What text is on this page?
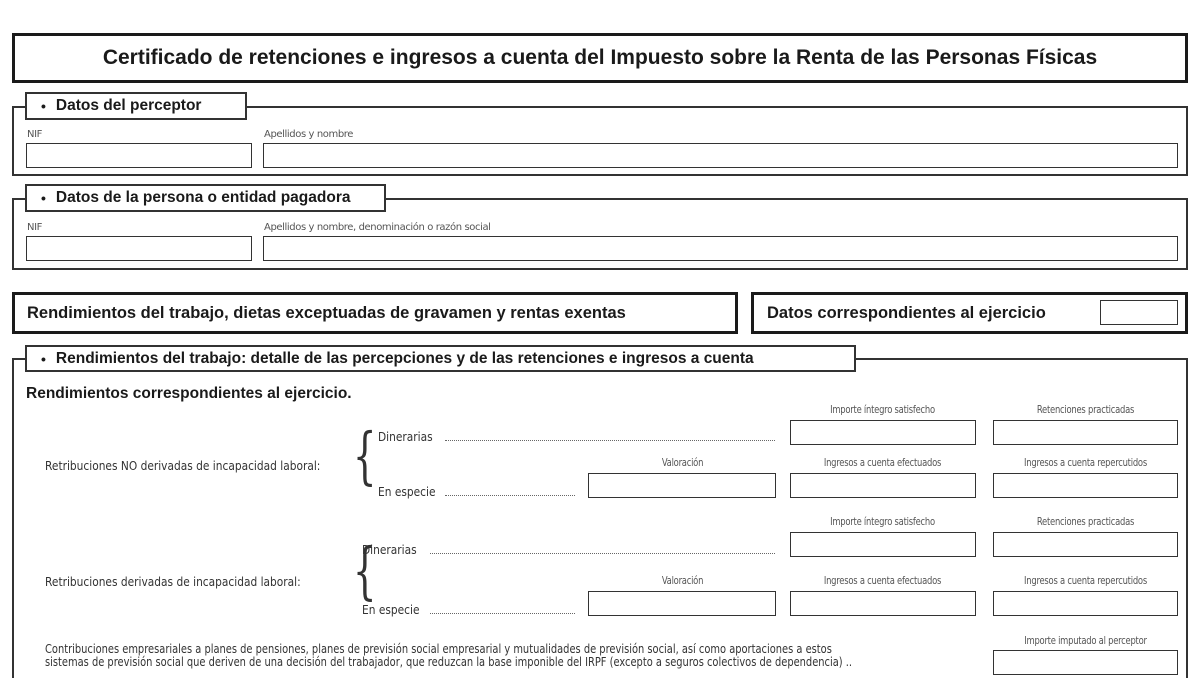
Certificado de retenciones e ingresos a cuenta del Impuesto sobre la Renta de las Personas Físicas
• Datos del perceptor
NIF	Apellidos y nombre
• Datos de la persona o entidad pagadora
NIF	Apellidos y nombre, denominación o razón social
Rendimientos del trabajo, dietas exceptuadas de gravamen y rentas exentas	Datos correspondientes al ejercicio
• Rendimientos del trabajo: detalle de las percepciones y de las retenciones e ingresos a cuenta
Rendimientos correspondientes al ejercicio.
Importe íntegro satisfecho	Retenciones practicadas
Retribuciones NO derivadas de incapacidad laboral: { Dinerarias
Valoración	Ingresos a cuenta efectuados	Ingresos a cuenta repercutidos
En especie
Importe íntegro satisfecho	Retenciones practicadas
Retribuciones derivadas de incapacidad laboral: {
Dinerarias
Valoración	Ingresos a cuenta efectuados	Ingresos a cuenta repercutidos
En especie
Contribuciones empresariales a planes de pensiones, planes de previsión social empresarial y mutualidades de previsión social, así como aportaciones a estos
sistemas de previsión social que deriven de una decisión del trabajador, que reduzcan la base imponible del IRPF (excepto a seguros colectivos de dependencia) ..
Importe imputado al perceptor
